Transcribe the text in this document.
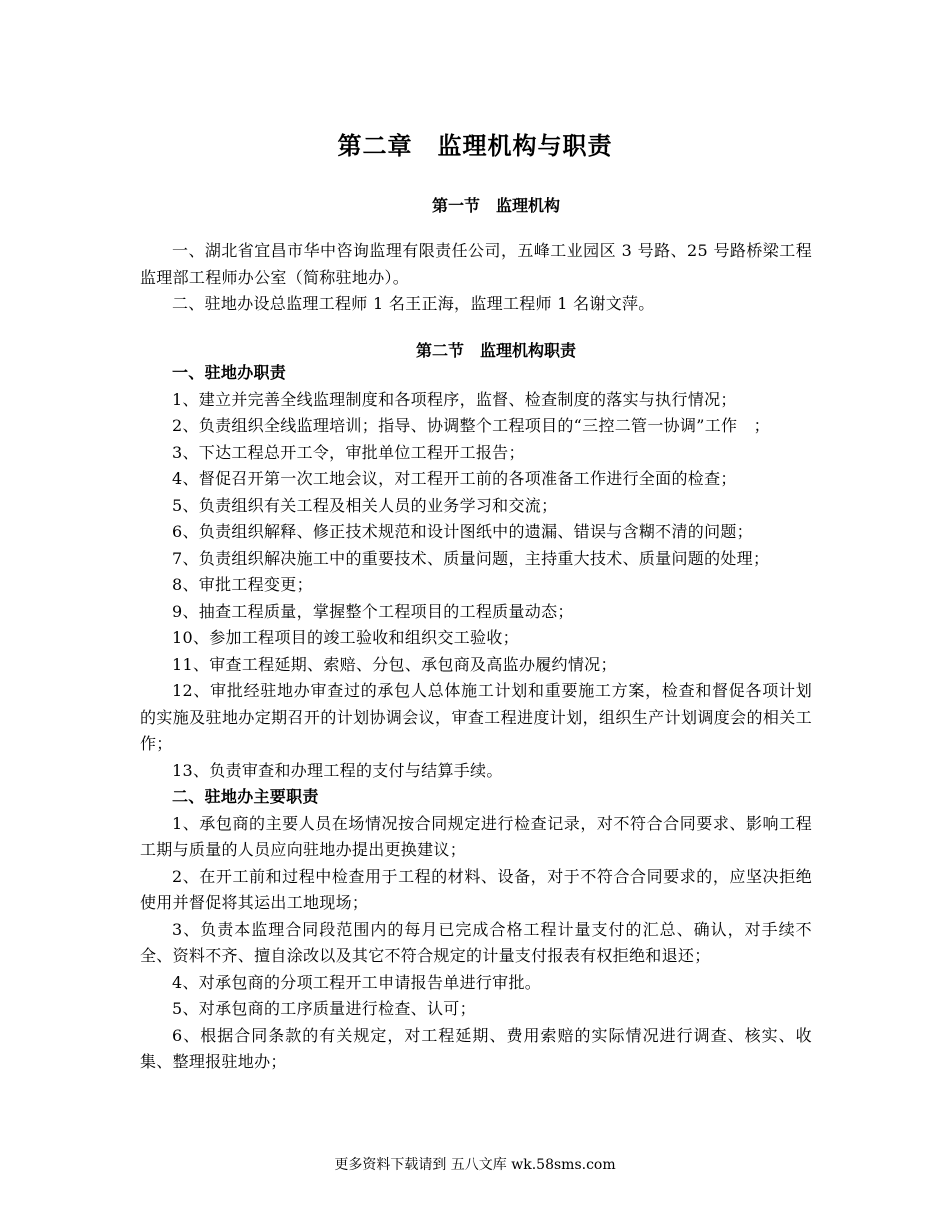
第二章　监理机构与职责
第一节　监理机构

一、湖北省宜昌市华中咨询监理有限责任公司，五峰工业园区 3 号路、25 号路桥梁工程监理部工程师办公室（简称驻地办）。

二、驻地办设总监理工程师 1 名王正海，监理工程师 1 名谢文萍。

第二节　监理机构职责

一、驻地办职责

1、建立并完善全线监理制度和各项程序，监督、检查制度的落实与执行情况；

2、负责组织全线监理培训；指导、协调整个工程项目的“三控二管一协调”工作　；

3、下达工程总开工令，审批单位工程开工报告；

4、督促召开第一次工地会议，对工程开工前的各项准备工作进行全面的检查；

5、负责组织有关工程及相关人员的业务学习和交流；

6、负责组织解释、修正技术规范和设计图纸中的遗漏、错误与含糊不清的问题；

7、负责组织解决施工中的重要技术、质量问题，主持重大技术、质量问题的处理；

8、审批工程变更；

9、抽查工程质量，掌握整个工程项目的工程质量动态；

10、参加工程项目的竣工验收和组织交工验收；

11、审查工程延期、索赔、分包、承包商及高监办履约情况；

12、审批经驻地办审查过的承包人总体施工计划和重要施工方案，检查和督促各项计划的实施及驻地办定期召开的计划协调会议，审查工程进度计划，组织生产计划调度会的相关工作；

13、负责审查和办理工程的支付与结算手续。

二、驻地办主要职责

1、承包商的主要人员在场情况按合同规定进行检查记录，对不符合合同要求、影响工程工期与质量的人员应向驻地办提出更换建议；

2、在开工前和过程中检查用于工程的材料、设备，对于不符合合同要求的，应坚决拒绝使用并督促将其运出工地现场；

3、负责本监理合同段范围内的每月已完成合格工程计量支付的汇总、确认，对手续不全、资料不齐、擅自涂改以及其它不符合规定的计量支付报表有权拒绝和退还；

4、对承包商的分项工程开工申请报告单进行审批。

5、对承包商的工序质量进行检查、认可；

6、根据合同条款的有关规定，对工程延期、费用索赔的实际情况进行调查、核实、收集、整理报驻地办；

更多资料下载请到 五八文库 wk.58sms.com
